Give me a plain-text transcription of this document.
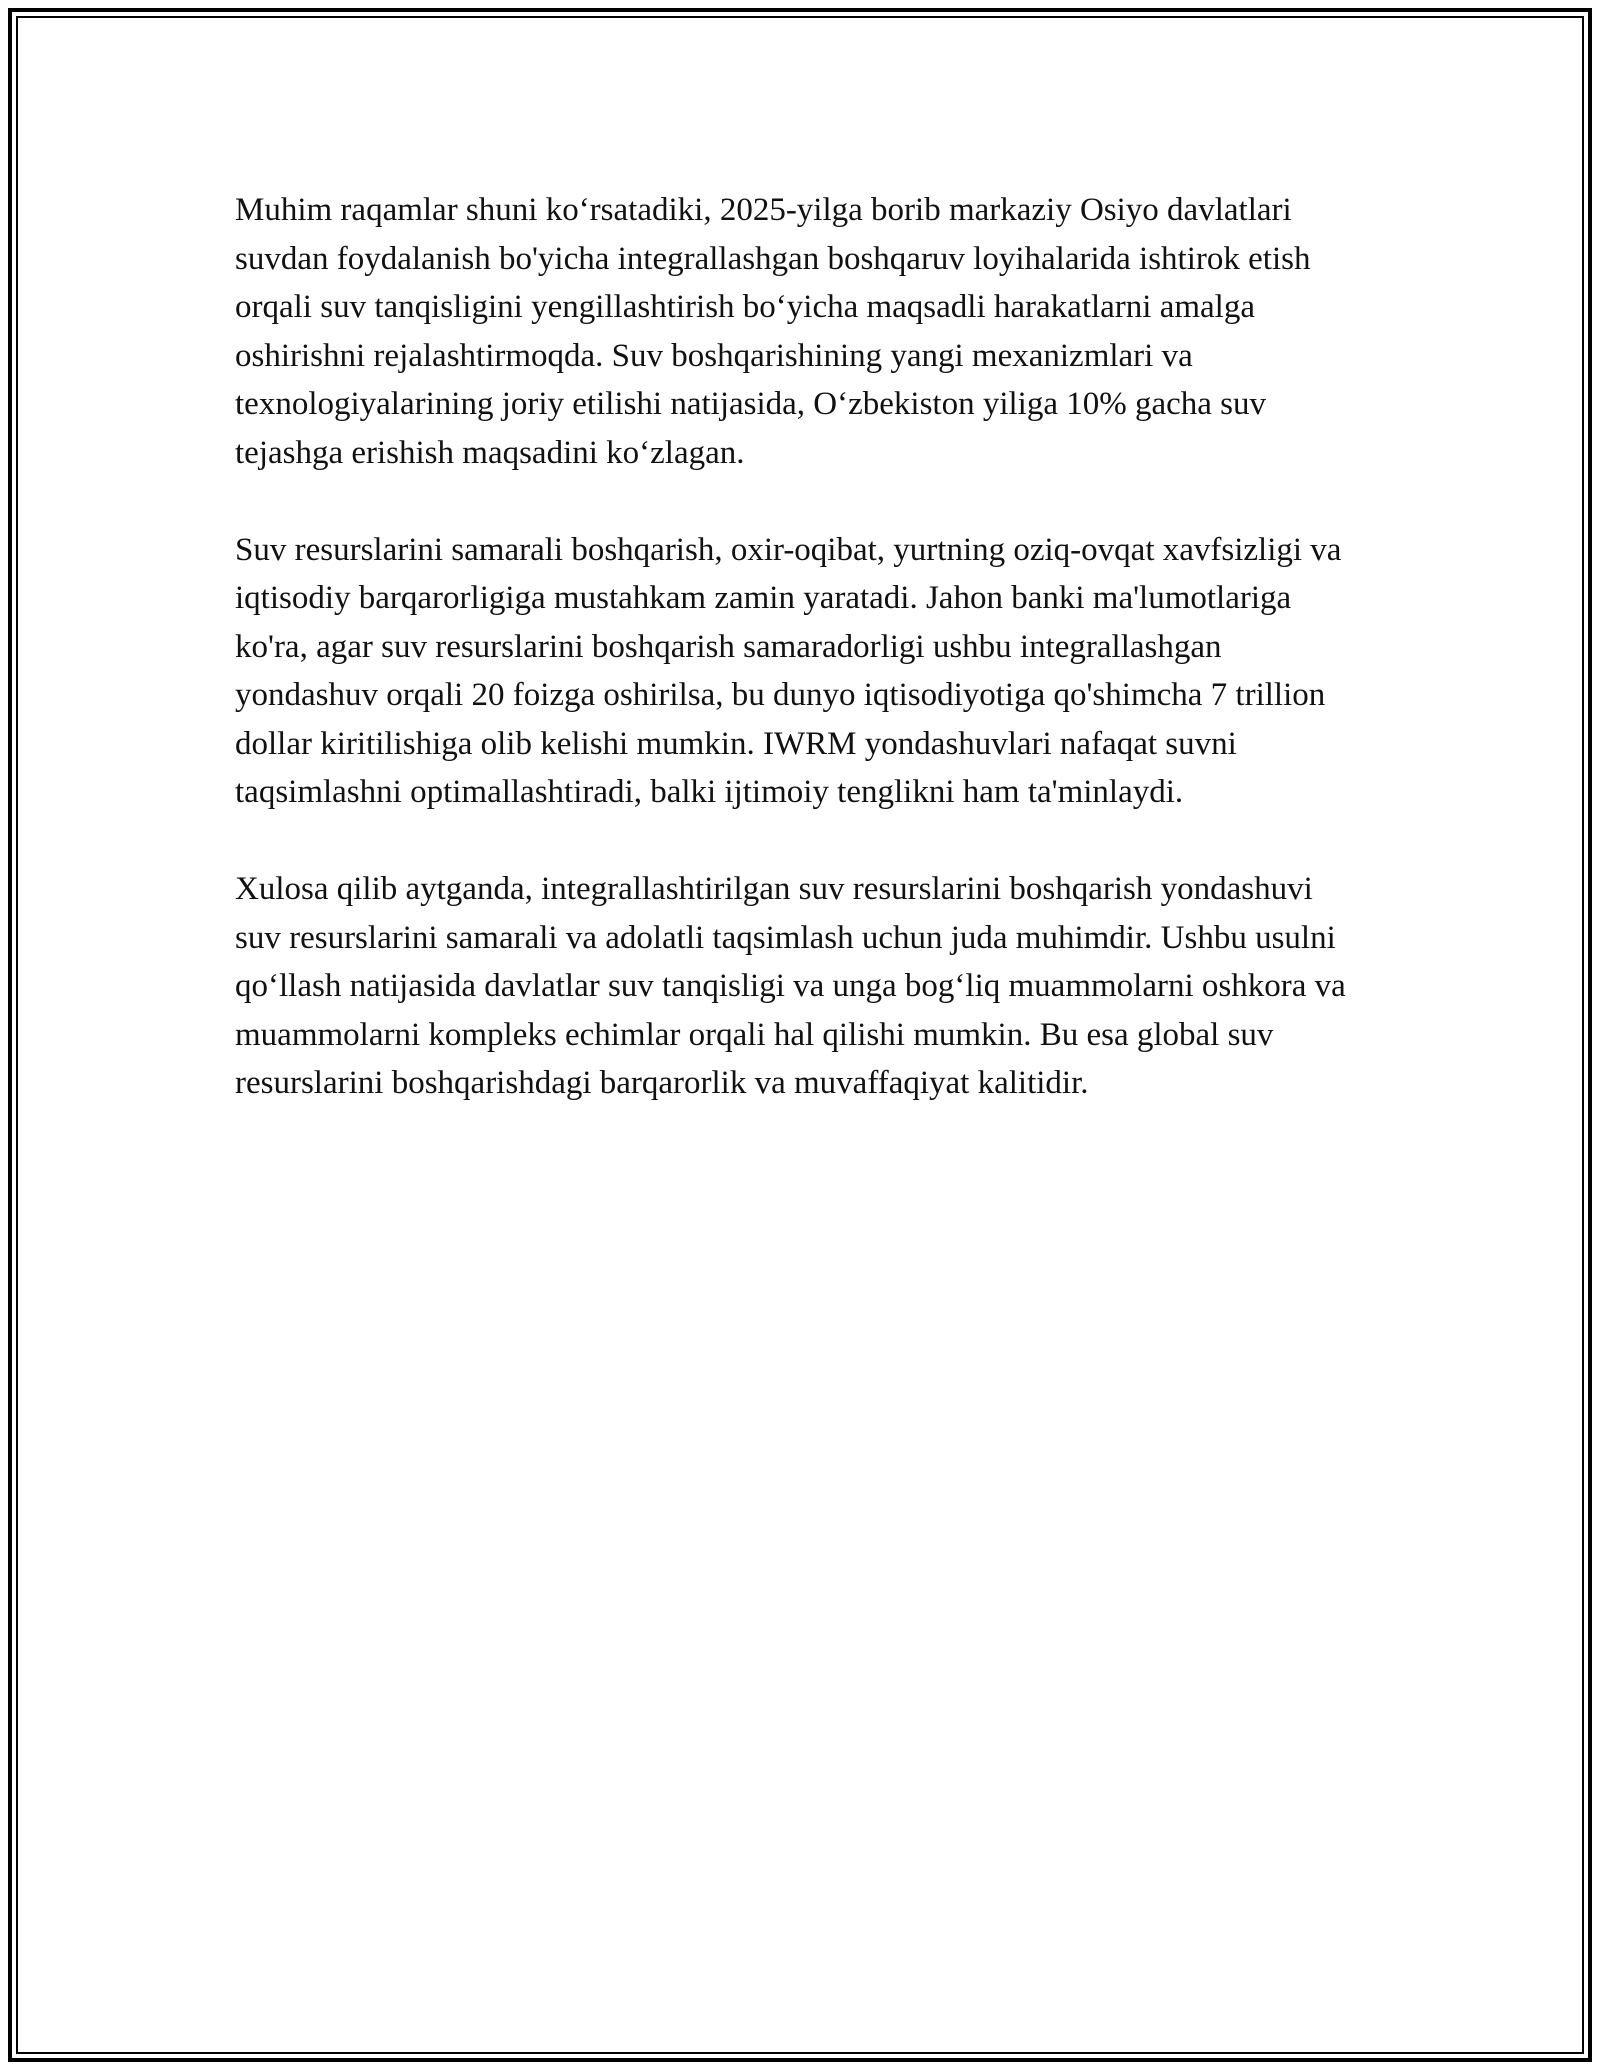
Muhim raqamlar shuni ko‘rsatadiki, 2025-yilga borib markaziy Osiyo davlatlari suvdan foydalanish bo'yicha integrallashgan boshqaruv loyihalarida ishtirok etish orqali suv tanqisligini yengillashtirish bo‘yicha maqsadli harakatlarni amalga oshirishni rejalashtirmoqda. Suv boshqarishining yangi mexanizmlari va texnologiyalarining joriy etilishi natijasida, O‘zbekiston yiliga 10% gacha suv tejashga erishish maqsadini ko‘zlagan.

Suv resurslarini samarali boshqarish, oxir-oqibat, yurtning oziq-ovqat xavfsizligi va iqtisodiy barqarorligiga mustahkam zamin yaratadi. Jahon banki ma'lumotlariga ko'ra, agar suv resurslarini boshqarish samaradorligi ushbu integrallashgan yondashuv orqali 20 foizga oshirilsa, bu dunyo iqtisodiyotiga qo'shimcha 7 trillion dollar kiritilishiga olib kelishi mumkin. IWRM yondashuvlari nafaqat suvni taqsimlashni optimallashtiradi, balki ijtimoiy tenglikni ham ta'minlaydi.

Xulosa qilib aytganda, integrallashtirilgan suv resurslarini boshqarish yondashuvi suv resurslarini samarali va adolatli taqsimlash uchun juda muhimdir. Ushbu usulni qo‘llash natijasida davlatlar suv tanqisligi va unga bog‘liq muammolarni oshkora va muammolarni kompleks echimlar orqali hal qilishi mumkin. Bu esa global suv resurslarini boshqarishdagi barqarorlik va muvaffaqiyat kalitidir.
